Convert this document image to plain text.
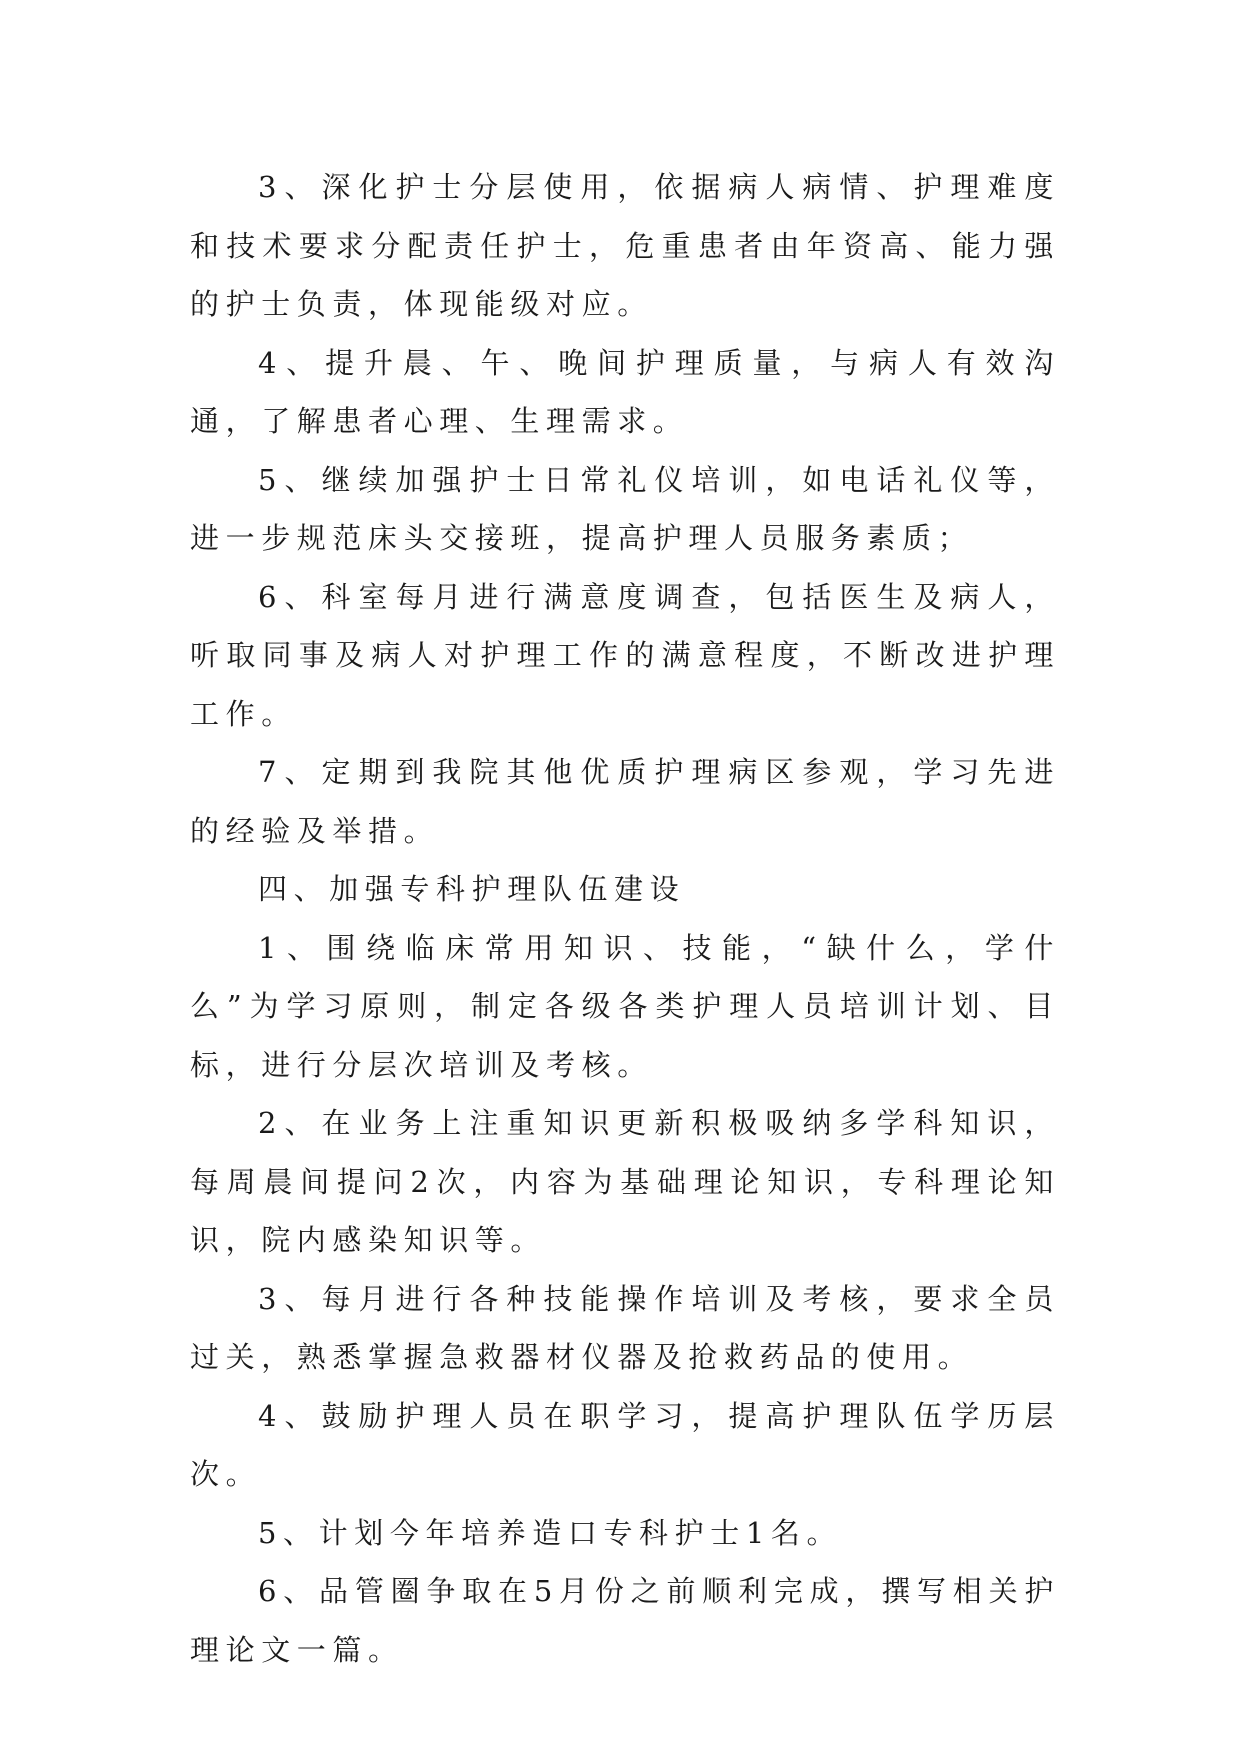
3、深化护士分层使用，依据病人病情、护理难度和技术要求分配责任护士，危重患者由年资高、能力强的护士负责，体现能级对应。

4、提升晨、午、晚间护理质量，与病人有效沟通，了解患者心理、生理需求。

5、继续加强护士日常礼仪培训，如电话礼仪等，进一步规范床头交接班，提高护理人员服务素质；

6、科室每月进行满意度调查，包括医生及病人，听取同事及病人对护理工作的满意程度，不断改进护理工作。

7、定期到我院其他优质护理病区参观，学习先进的经验及举措。

四、加强专科护理队伍建设

1、围绕临床常用知识、技能，“缺什么，学什么”为学习原则，制定各级各类护理人员培训计划、目标，进行分层次培训及考核。

2、在业务上注重知识更新积极吸纳多学科知识，每周晨间提问2次，内容为基础理论知识，专科理论知识，院内感染知识等。

3、每月进行各种技能操作培训及考核，要求全员过关，熟悉掌握急救器材仪器及抢救药品的使用。

4、鼓励护理人员在职学习，提高护理队伍学历层次。

5、计划今年培养造口专科护士1名。

6、品管圈争取在5月份之前顺利完成，撰写相关护理论文一篇。
